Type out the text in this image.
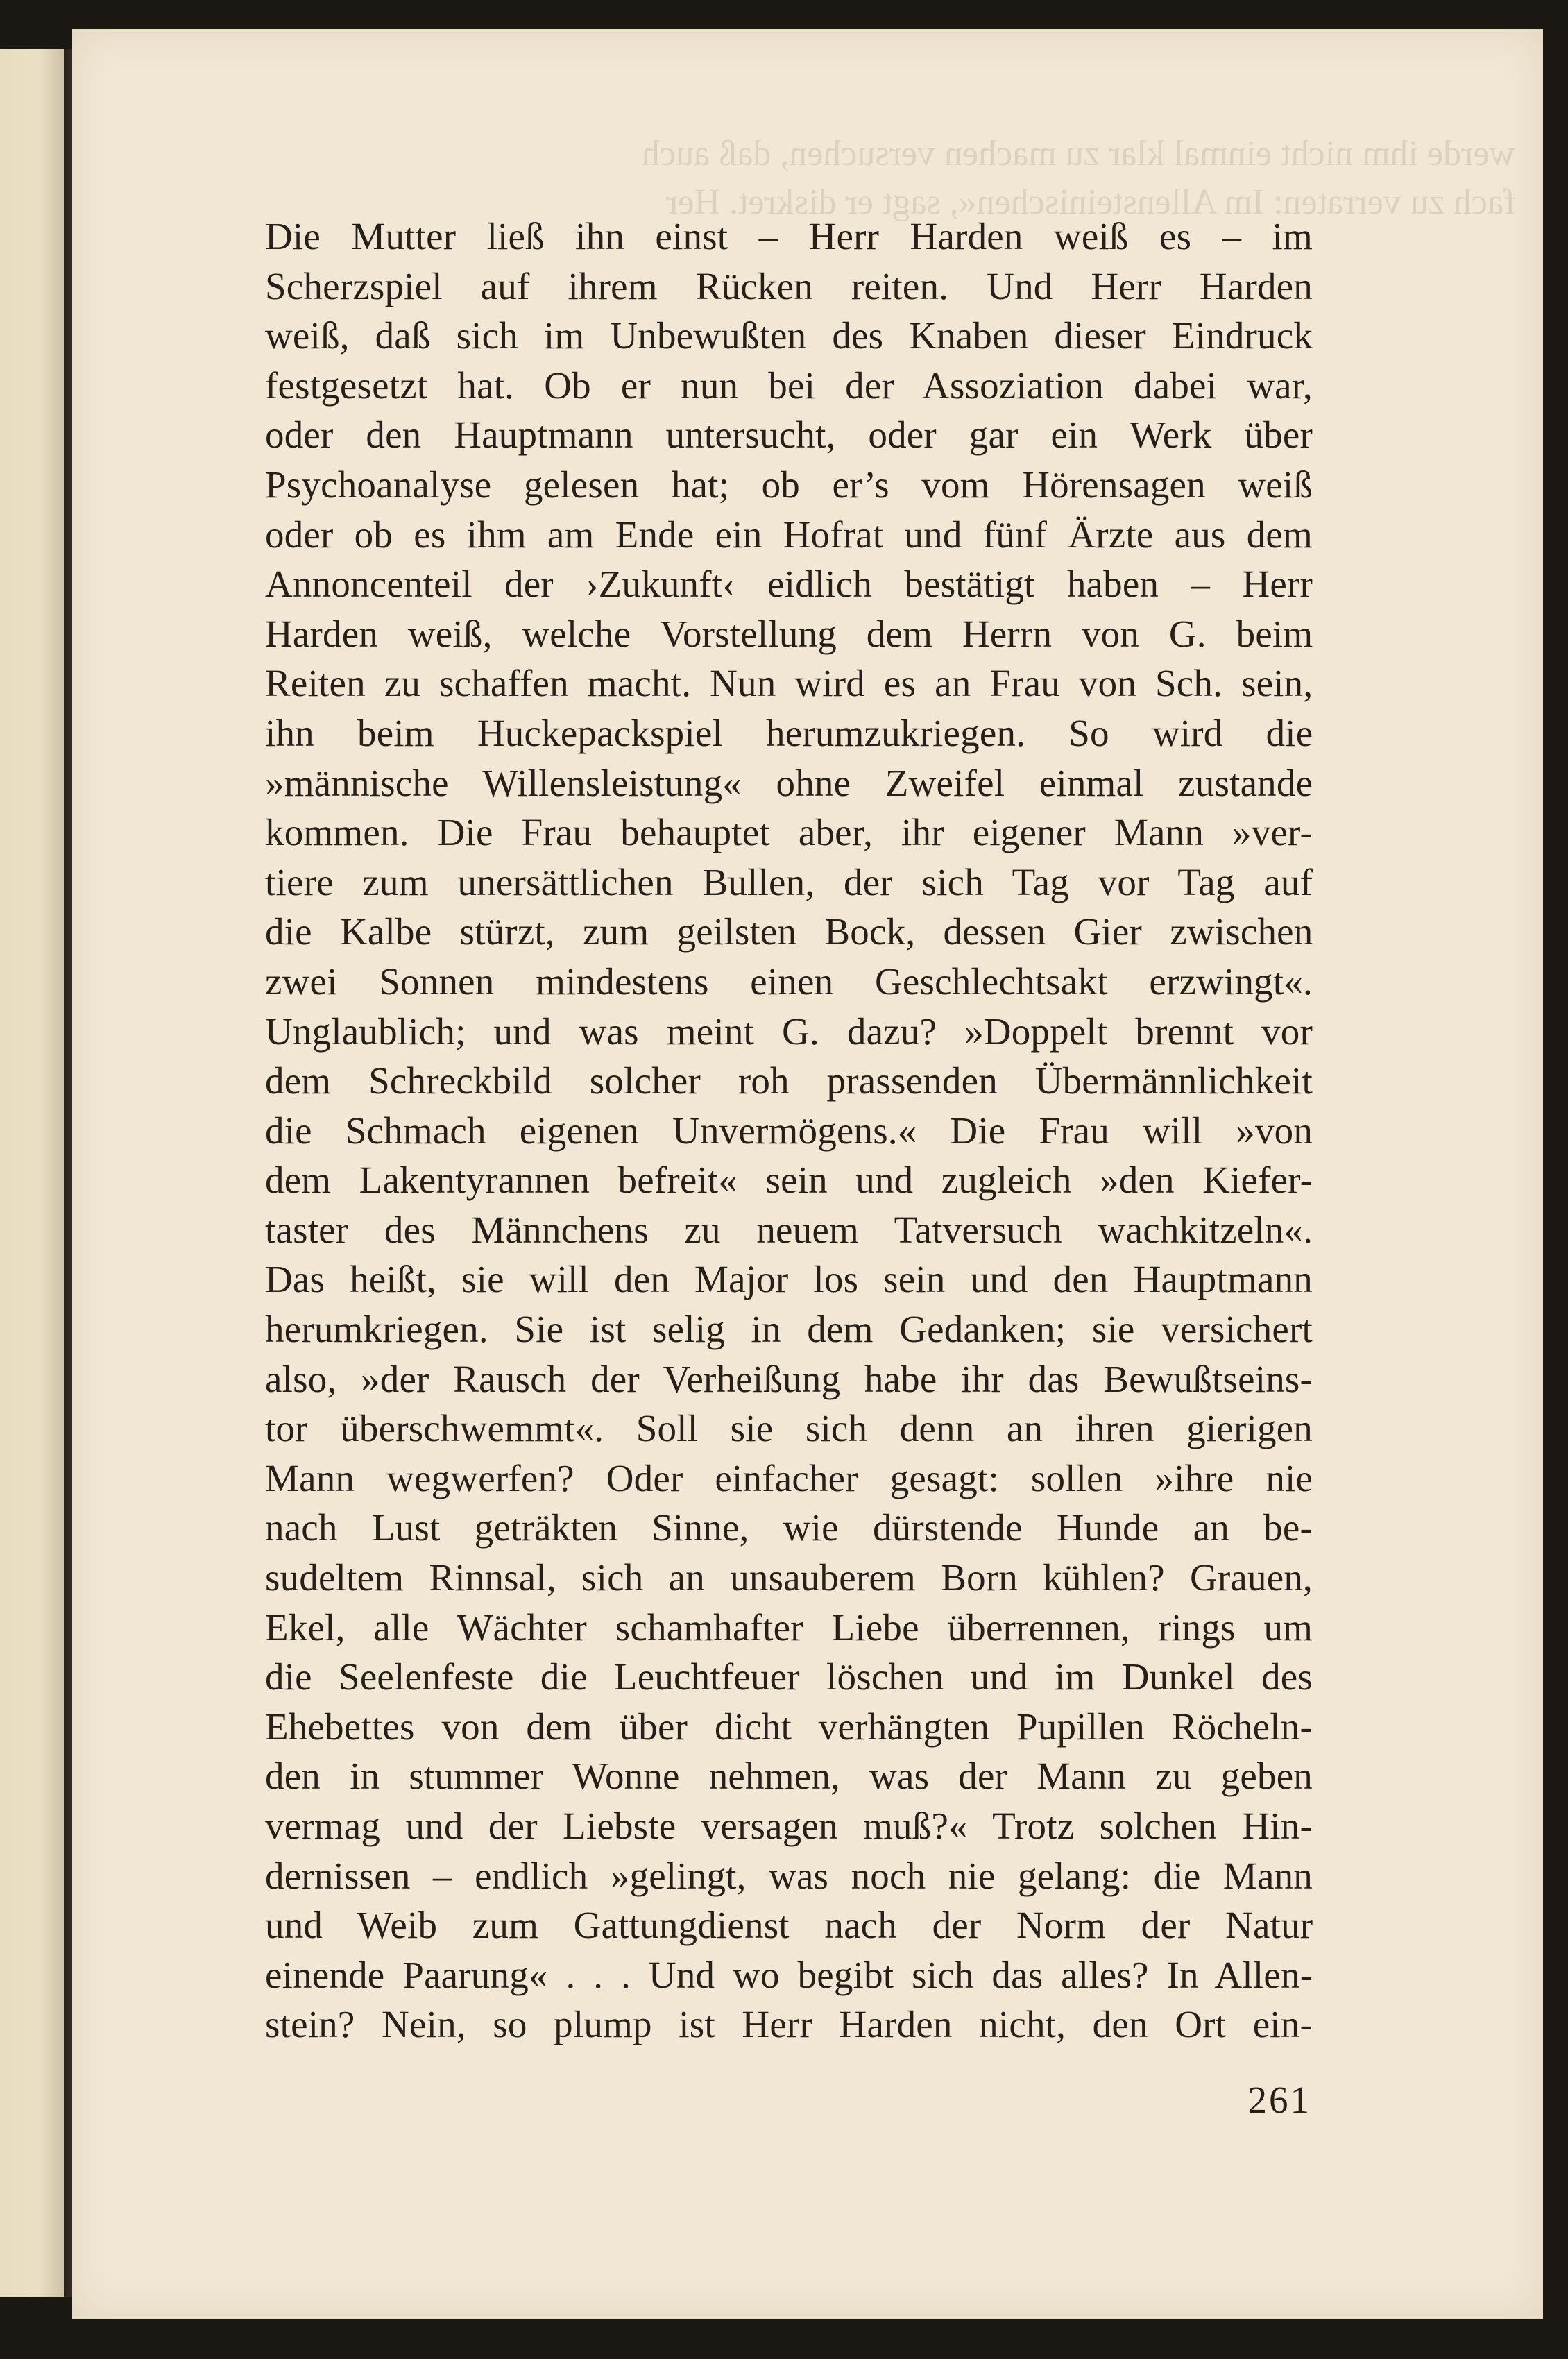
Die Mutter ließ ihn einst – Herr Harden weiß es – im
Scherzspiel auf ihrem Rücken reiten. Und Herr Harden
weiß, daß sich im Unbewußten des Knaben dieser Eindruck
festgesetzt hat. Ob er nun bei der Assoziation dabei war,
oder den Hauptmann untersucht, oder gar ein Werk über
Psychoanalyse gelesen hat; ob er’s vom Hörensagen weiß
oder ob es ihm am Ende ein Hofrat und fünf Ärzte aus dem
Annoncenteil der ›Zukunft‹ eidlich bestätigt haben – Herr
Harden weiß, welche Vorstellung dem Herrn von G. beim
Reiten zu schaffen macht. Nun wird es an Frau von Sch. sein,
ihn beim Huckepackspiel herumzukriegen. So wird die
»männische Willensleistung« ohne Zweifel einmal zustande
kommen. Die Frau behauptet aber, ihr eigener Mann »ver-
tiere zum unersättlichen Bullen, der sich Tag vor Tag auf
die Kalbe stürzt, zum geilsten Bock, dessen Gier zwischen
zwei Sonnen mindestens einen Geschlechtsakt erzwingt«.
Unglaublich; und was meint G. dazu? »Doppelt brennt vor
dem Schreckbild solcher roh prassenden Übermännlichkeit
die Schmach eigenen Unvermögens.« Die Frau will »von
dem Lakentyrannen befreit« sein und zugleich »den Kiefer-
taster des Männchens zu neuem Tatversuch wachkitzeln«.
Das heißt, sie will den Major los sein und den Hauptmann
herumkriegen. Sie ist selig in dem Gedanken; sie versichert
also, »der Rausch der Verheißung habe ihr das Bewußtseins-
tor überschwemmt«. Soll sie sich denn an ihren gierigen
Mann wegwerfen? Oder einfacher gesagt: sollen »ihre nie
nach Lust geträkten Sinne, wie dürstende Hunde an be-
sudeltem Rinnsal, sich an unsauberem Born kühlen? Grauen,
Ekel, alle Wächter schamhafter Liebe überrennen, rings um
die Seelenfeste die Leuchtfeuer löschen und im Dunkel des
Ehebettes von dem über dicht verhängten Pupillen Röcheln-
den in stummer Wonne nehmen, was der Mann zu geben
vermag und der Liebste versagen muß?« Trotz solchen Hin-
dernissen – endlich »gelingt, was noch nie gelang: die Mann
und Weib zum Gattungdienst nach der Norm der Natur
einende Paarung« . . . Und wo begibt sich das alles? In Allen-
stein? Nein, so plump ist Herr Harden nicht, den Ort ein-
261
